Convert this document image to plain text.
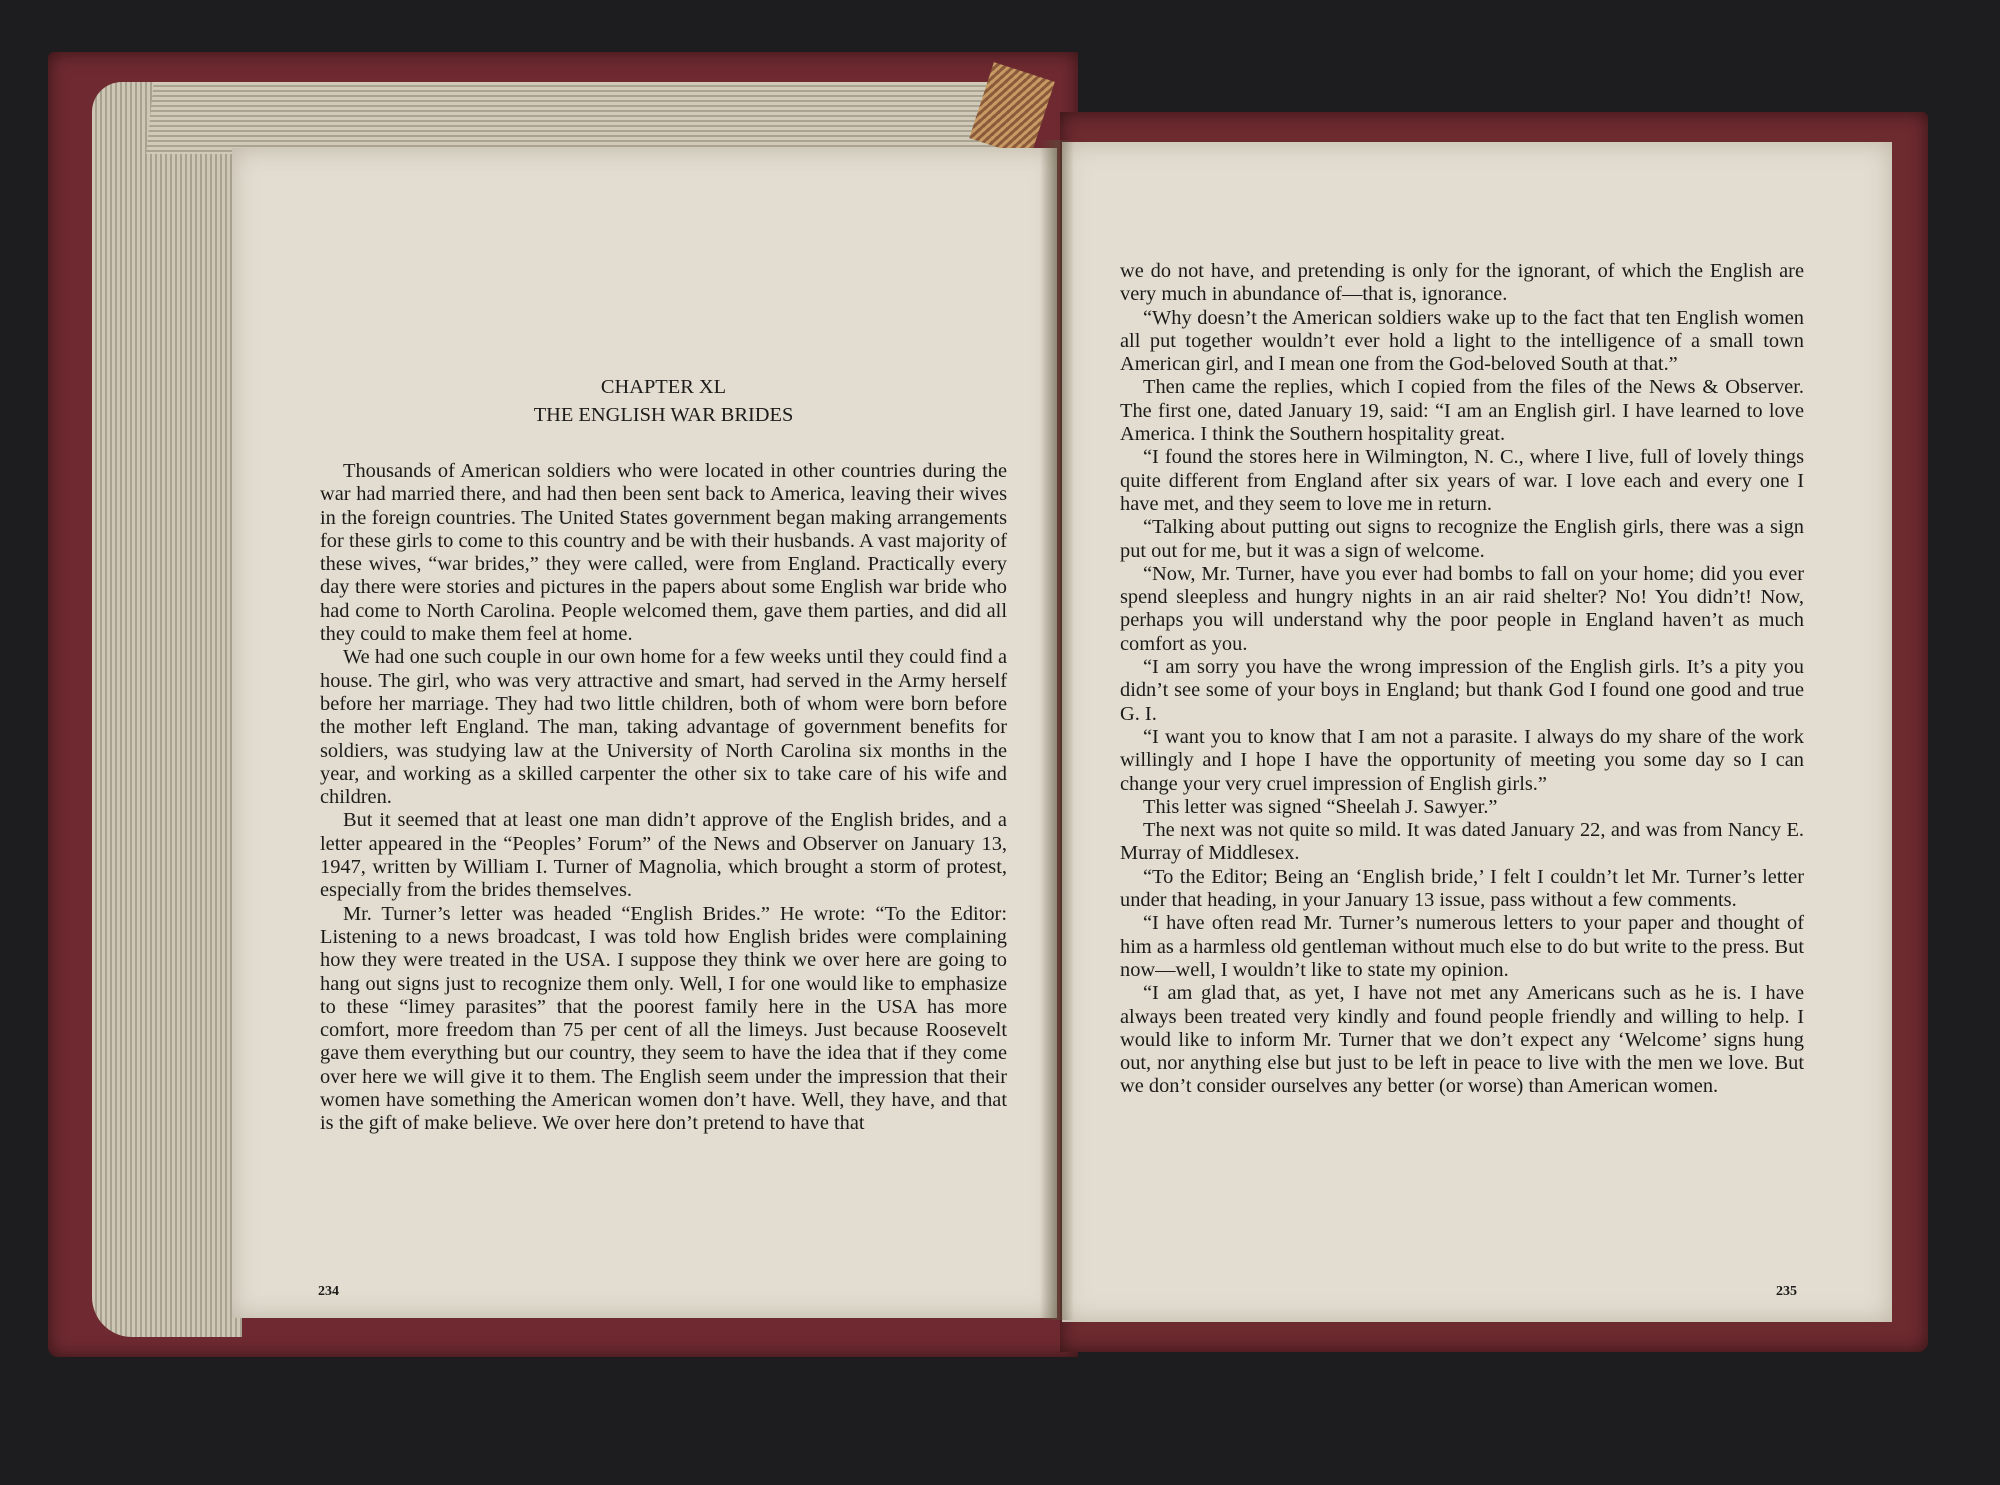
CHAPTER XL
THE ENGLISH WAR BRIDES

Thousands of American soldiers who were located in other countries during the war had married there, and had then been sent back to America, leaving their wives in the foreign countries. The United States government began making arrangements for these girls to come to this country and be with their husbands. A vast majority of these wives, “war brides,” they were called, were from England. Practically every day there were stories and pictures in the papers about some English war bride who had come to North Carolina. People welcomed them, gave them parties, and did all they could to make them feel at home.

We had one such couple in our own home for a few weeks until they could find a house. The girl, who was very attractive and smart, had served in the Army herself before her marriage. They had two little children, both of whom were born before the mother left England. The man, taking advantage of government benefits for soldiers, was studying law at the University of North Carolina six months in the year, and working as a skilled carpenter the other six to take care of his wife and children.

But it seemed that at least one man didn’t approve of the English brides, and a letter appeared in the “Peoples’ Forum” of the News and Observer on January 13, 1947, written by William I. Turner of Magnolia, which brought a storm of protest, especially from the brides themselves.

Mr. Turner’s letter was headed “English Brides.” He wrote: “To the Editor: Listening to a news broadcast, I was told how English brides were complaining how they were treated in the USA. I suppose they think we over here are going to hang out signs just to recognize them only. Well, I for one would like to emphasize to these “limey parasites” that the poorest family here in the USA has more comfort, more freedom than 75 per cent of all the limeys. Just because Roosevelt gave them everything but our country, they seem to have the idea that if they come over here we will give it to them. The English seem under the impression that their women have something the American women don’t have. Well, they have, and that is the gift of make believe. We over here don’t pretend to have that

we do not have, and pretending is only for the ignorant, of which the English are very much in abundance of—that is, ignorance.

“Why doesn’t the American soldiers wake up to the fact that ten English women all put together wouldn’t ever hold a light to the intelligence of a small town American girl, and I mean one from the God-beloved South at that.”

Then came the replies, which I copied from the files of the News & Observer. The first one, dated January 19, said: “I am an English girl. I have learned to love America. I think the Southern hospitality great.

“I found the stores here in Wilmington, N. C., where I live, full of lovely things quite different from England after six years of war. I love each and every one I have met, and they seem to love me in return.

“Talking about putting out signs to recognize the English girls, there was a sign put out for me, but it was a sign of welcome.

“Now, Mr. Turner, have you ever had bombs to fall on your home; did you ever spend sleepless and hungry nights in an air raid shelter? No! You didn’t! Now, perhaps you will understand why the poor people in England haven’t as much comfort as you.

“I am sorry you have the wrong impression of the English girls. It’s a pity you didn’t see some of your boys in England; but thank God I found one good and true G. I.

“I want you to know that I am not a parasite. I always do my share of the work willingly and I hope I have the opportunity of meeting you some day so I can change your very cruel impression of English girls.”

This letter was signed “Sheelah J. Sawyer.”

The next was not quite so mild. It was dated January 22, and was from Nancy E. Murray of Middlesex.

“To the Editor; Being an ‘English bride,’ I felt I couldn’t let Mr. Turner’s letter under that heading, in your January 13 issue, pass without a few comments.

“I have often read Mr. Turner’s numerous letters to your paper and thought of him as a harmless old gentleman without much else to do but write to the press. But now—well, I wouldn’t like to state my opinion.

“I am glad that, as yet, I have not met any Americans such as he is. I have always been treated very kindly and found people friendly and willing to help. I would like to inform Mr. Turner that we don’t expect any ‘Welcome’ signs hung out, nor anything else but just to be left in peace to live with the men we love. But we don’t consider ourselves any better (or worse) than American women.

234	235
